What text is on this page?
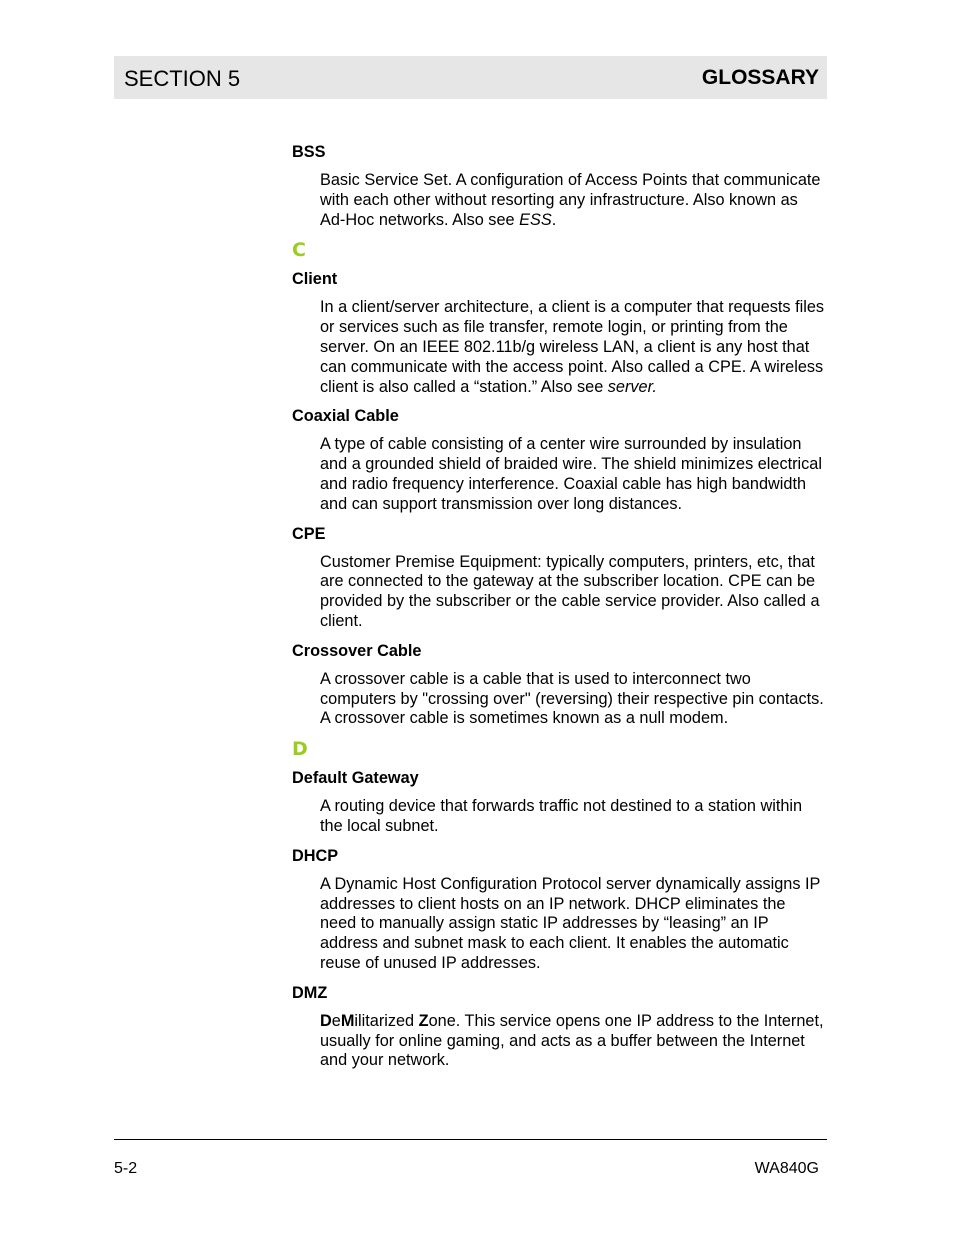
SECTION 5	GLOSSARY
BSS
Basic Service Set. A configuration of Access Points that communicate with each other without resorting any infrastructure. Also known as Ad-Hoc networks. Also see ESS.
C
Client
In a client/server architecture, a client is a computer that requests files or services such as file transfer, remote login, or printing from the server. On an IEEE 802.11b/g wireless LAN, a client is any host that can communicate with the access point. Also called a CPE. A wireless client is also called a “station.” Also see server.
Coaxial Cable
A type of cable consisting of a center wire surrounded by insulation and a grounded shield of braided wire. The shield minimizes electrical and radio frequency interference. Coaxial cable has high bandwidth and can support transmission over long distances.
CPE
Customer Premise Equipment: typically computers, printers, etc, that are connected to the gateway at the subscriber location. CPE can be provided by the subscriber or the cable service provider. Also called a client.
Crossover Cable
A crossover cable is a cable that is used to interconnect two computers by "crossing over" (reversing) their respective pin contacts. A crossover cable is sometimes known as a null modem.
D
Default Gateway
A routing device that forwards traffic not destined to a station within the local subnet.
DHCP
A Dynamic Host Configuration Protocol server dynamically assigns IP addresses to client hosts on an IP network. DHCP eliminates the need to manually assign static IP addresses by “leasing” an IP address and subnet mask to each client. It enables the automatic reuse of unused IP addresses.
DMZ
DeMilitarized Zone. This service opens one IP address to the Internet, usually for online gaming, and acts as a buffer between the Internet and your network.
5-2	WA840G
